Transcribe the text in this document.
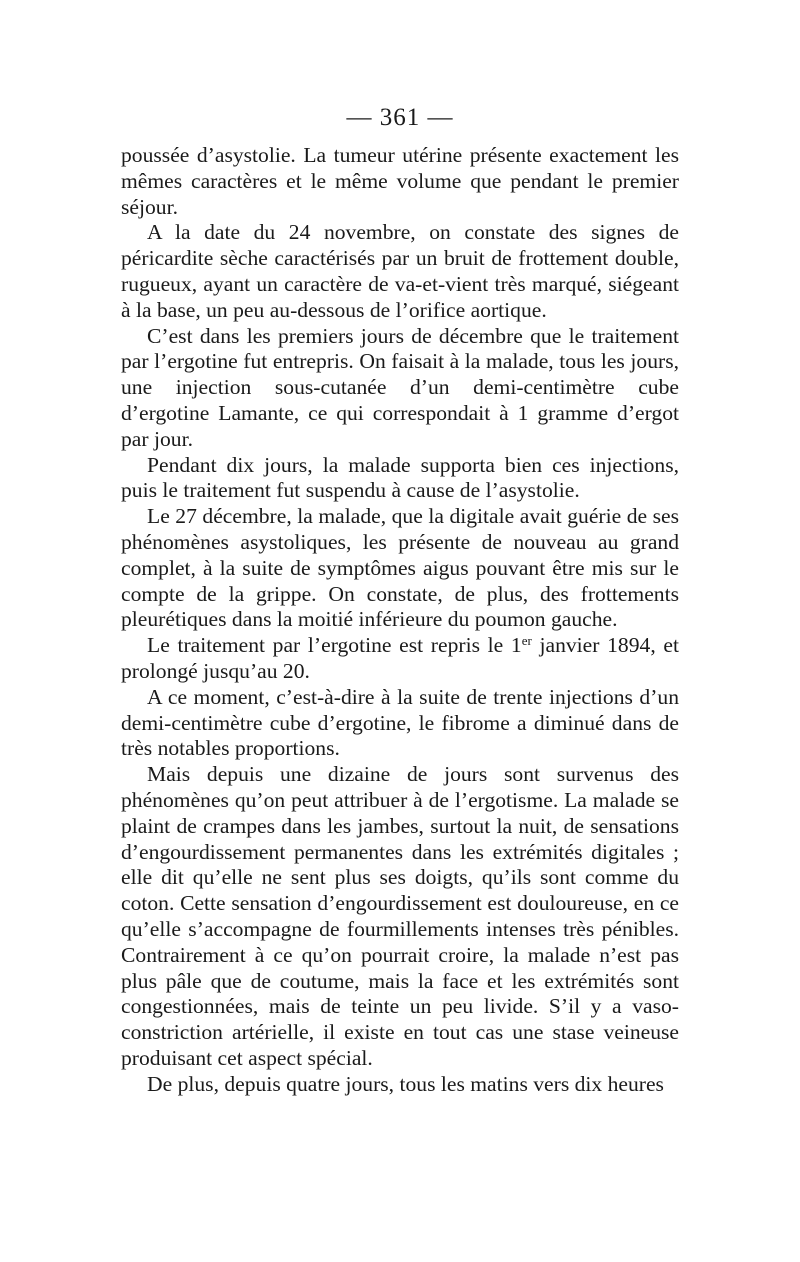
— 361 —

poussée d’asystolie. La tumeur utérine présente exactement les mêmes caractères et le même volume que pendant le premier séjour.

A la date du 24 novembre, on constate des signes de péricardite sèche caractérisés par un bruit de frottement double, rugueux, ayant un caractère de va-et-vient très marqué, siégeant à la base, un peu au-dessous de l’orifice aortique.

C’est dans les premiers jours de décembre que le traitement par l’ergotine fut entrepris. On faisait à la malade, tous les jours, une injection sous-cutanée d’un demi-centimètre cube d’ergotine Lamante, ce qui correspondait à 1 gramme d’ergot par jour.

Pendant dix jours, la malade supporta bien ces injections, puis le traitement fut suspendu à cause de l’asystolie.

Le 27 décembre, la malade, que la digitale avait guérie de ses phénomènes asystoliques, les présente de nouveau au grand complet, à la suite de symptômes aigus pouvant être mis sur le compte de la grippe. On constate, de plus, des frottements pleurétiques dans la moitié inférieure du poumon gauche.

Le traitement par l’ergotine est repris le 1er janvier 1894, et prolongé jusqu’au 20.

A ce moment, c’est-à-dire à la suite de trente injections d’un demi-centimètre cube d’ergotine, le fibrome a diminué dans de très notables proportions.

Mais depuis une dizaine de jours sont survenus des phénomènes qu’on peut attribuer à de l’ergotisme. La malade se plaint de crampes dans les jambes, surtout la nuit, de sensations d’engourdissement permanentes dans les extrémités digitales ; elle dit qu’elle ne sent plus ses doigts, qu’ils sont comme du coton. Cette sensation d’engourdissement est douloureuse, en ce qu’elle s’accompagne de fourmillements intenses très pénibles. Contrairement à ce qu’on pourrait croire, la malade n’est pas plus pâle que de coutume, mais la face et les extrémités sont congestionnées, mais de teinte un peu livide. S’il y a vaso-constriction artérielle, il existe en tout cas une stase veineuse produisant cet aspect spécial.

De plus, depuis quatre jours, tous les matins vers dix heures
